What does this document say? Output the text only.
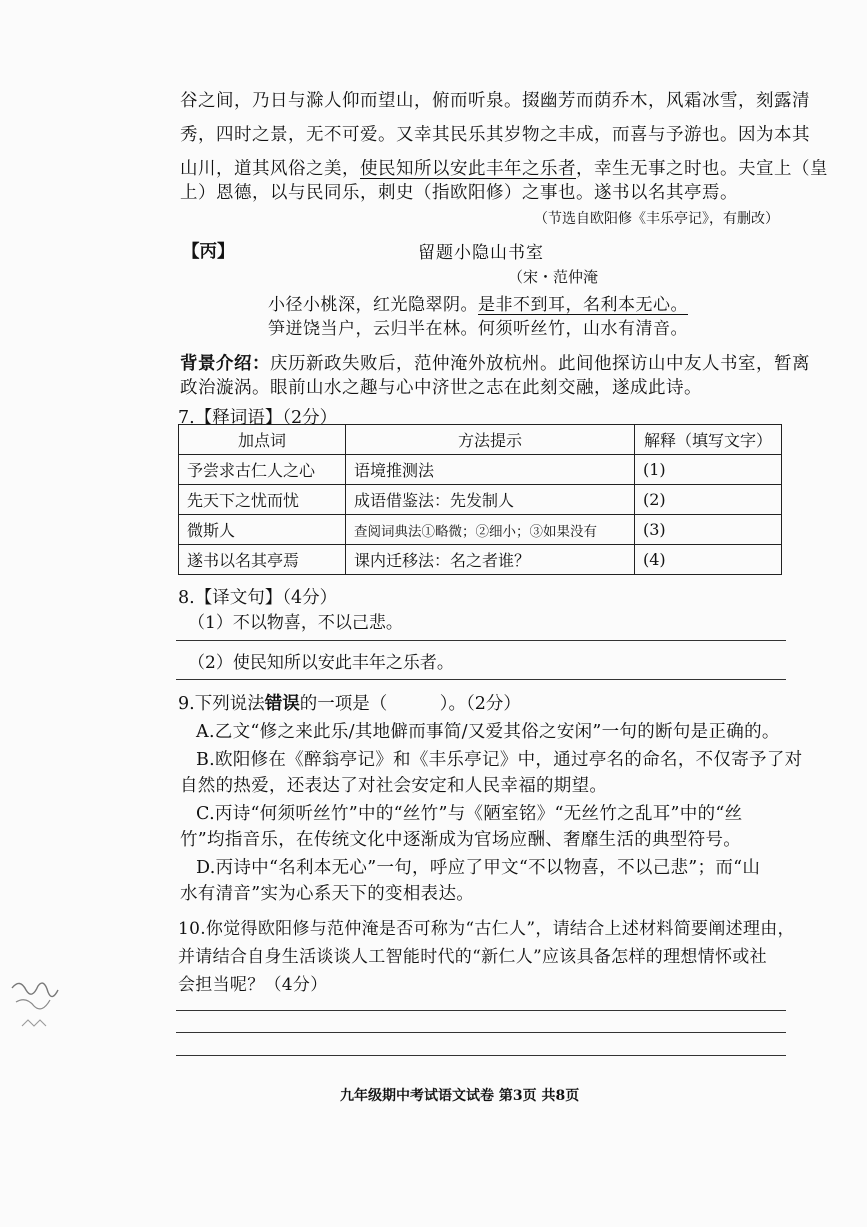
谷之间，乃日与滁人仰而望山，俯而听泉。掇幽芳而荫乔木，风霜冰雪，刻露清
秀，四时之景，无不可爱。又幸其民乐其岁物之丰成，而喜与予游也。因为本其
山川，道其风俗之美，使民知所以安此丰年之乐者，幸生无事之时也。夫宣上（皇
上）恩德，以与民同乐，刺史（指欧阳修）之事也。遂书以名其亭焉。
（节选自欧阳修《丰乐亭记》，有删改）
【丙】	留题小隐山书室
（宋・范仲淹
小径小桃深，红光隐翠阴。是非不到耳，名利本无心。
笋迸饶当户，云归半在林。何须听丝竹，山水有清音。
背景介绍：庆历新政失败后，范仲淹外放杭州。此间他探访山中友人书室，暂离
政治漩涡。眼前山水之趣与心中济世之志在此刻交融，遂成此诗。
7.【释词语】（2分）
加点词	方法提示	解释（填写文字）
予尝求古仁人之心	语境推测法	(1)
先天下之忧而忧	成语借鉴法：先发制人	(2)
微斯人	查阅词典法①略微；②细小；③如果没有	(3)
遂书以名其亭焉	课内迁移法：名之者谁？	(4)
8.【译文句】（4分）
（1）不以物喜，不以己悲。
（2）使民知所以安此丰年之乐者。
9.下列说法错误的一项是（　　　）。（2分）
A.乙文“修之来此乐/其地僻而事简/又爱其俗之安闲”一句的断句是正确的。
B.欧阳修在《醉翁亭记》和《丰乐亭记》中，通过亭名的命名，不仅寄予了对
自然的热爱，还表达了对社会安定和人民幸福的期望。
C.丙诗“何须听丝竹”中的“丝竹”与《陋室铭》“无丝竹之乱耳”中的“丝
竹”均指音乐，在传统文化中逐渐成为官场应酬、奢靡生活的典型符号。
D.丙诗中“名利本无心”一句，呼应了甲文“不以物喜，不以己悲”；而“山
水有清音”实为心系天下的变相表达。
10.你觉得欧阳修与范仲淹是否可称为“古仁人”，请结合上述材料简要阐述理由，
并请结合自身生活谈谈人工智能时代的“新仁人”应该具备怎样的理想情怀或社
会担当呢？（4分）
九年级期中考试语文试卷 第3页 共8页
